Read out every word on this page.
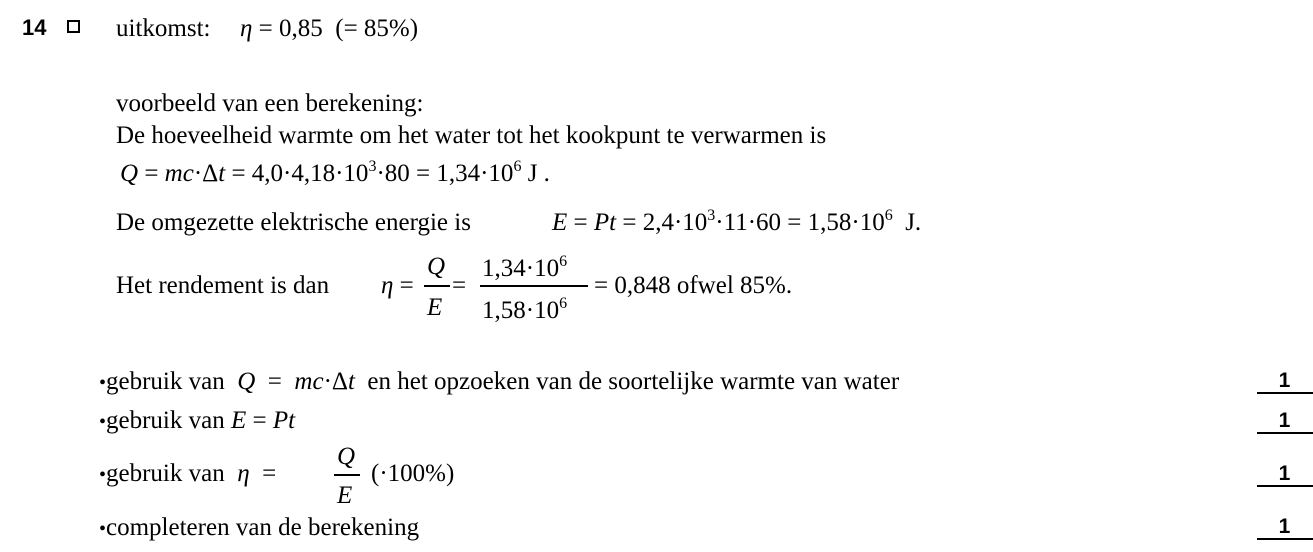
14	uitkomst: η = 0,85  (= 85%)
voorbeeld van een berekening:
De hoeveelheid warmte om het water tot het kookpunt te verwarmen is
$Q = mc\cdot\Delta t = 4,0\cdot 4,18\cdot 10^3\cdot 80 = 1,34\cdot 10^6$ J .
De omgezette elektrische energie is	$E = Pt = 2,4\cdot 10^3\cdot 11\cdot 60 = 1,58\cdot 10^6$  J.
Het rendement is dan η =
Q
E
=
$1,34\cdot 10^6$
$1,58\cdot 10^6$
= 0,848 ofwel 85%.
•gebruik van  Q  =  mc·Δt  en het opzoeken van de soortelijke warmte van water	1
•gebruik van E = Pt	1
•gebruik van  η  =
Q
E
(·100%)	1
•completeren van de berekening	1
